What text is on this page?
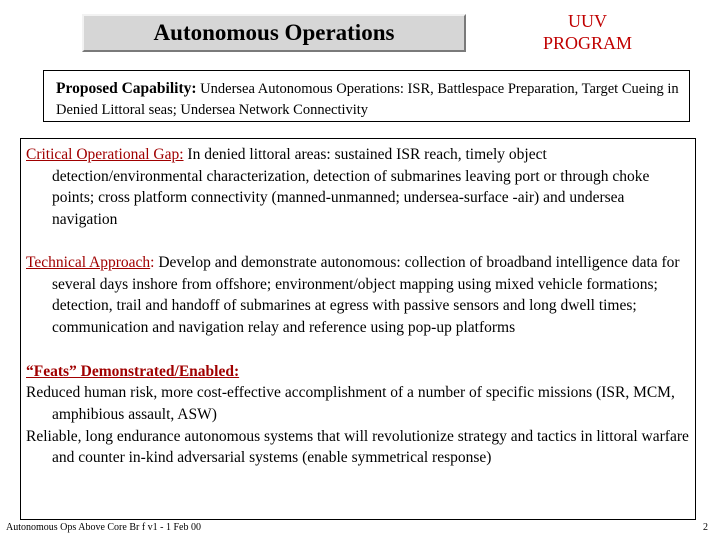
Autonomous Operations	UUV
PROGRAM
Proposed Capability: Undersea Autonomous Operations: ISR, Battlespace Preparation, Target Cueing in Denied Littoral seas; Undersea Network Connectivity
Critical Operational Gap: In denied littoral areas: sustained ISR reach, timely object detection/environmental characterization, detection of submarines leaving port or through choke points; cross platform connectivity (manned-unmanned; undersea-surface -air) and undersea navigation
Technical Approach: Develop and demonstrate autonomous: collection of broadband intelligence data for several days inshore from offshore; environment/object mapping using mixed vehicle formations; detection, trail and handoff of submarines at egress with passive sensors and long dwell times; communication and navigation relay and reference using pop-up platforms
“Feats” Demonstrated/Enabled:
Reduced human risk, more cost-effective accomplishment of a number of specific missions (ISR, MCM, amphibious assault, ASW)
Reliable, long endurance autonomous systems that will revolutionize strategy and tactics in littoral warfare and counter in-kind adversarial systems (enable symmetrical response)
Autonomous Ops Above Core Br f v1 - 1 Feb 00	2
